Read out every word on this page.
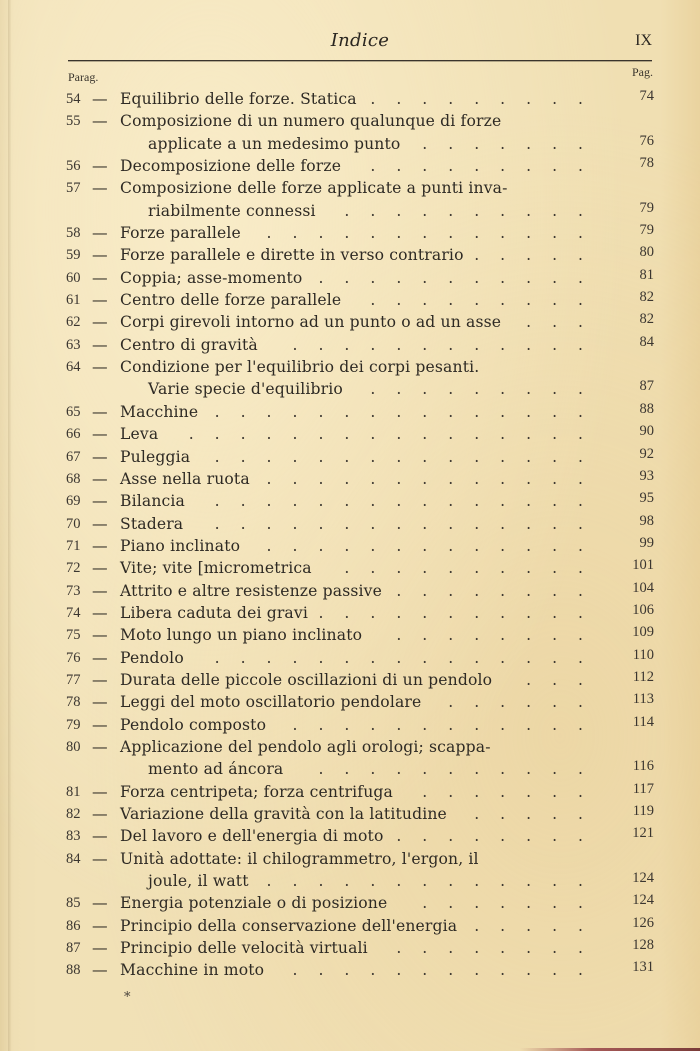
Indice	IX
Parag.	Pag.
54 — Equilibrio delle forze. Statica ......... 74
55 — Composizione di un numero qualunque di forze
applicate a un medesimo punto ....... 76
56 — Decomposizione delle forze ......... 78
57 — Composizione delle forze applicate a punti inva-
riabilmente connessi .......... 79
58 — Forze parallele ............. 79
59 — Forze parallele e dirette in verso contrario ..... 80
60 — Coppia; asse-momento ........... 81
61 — Centro delle forze parallele ......... 82
62 — Corpi girevoli intorno ad un punto o ad un asse ... 82
63 — Centro di gravità ............ 84
64 — Condizione per l'equilibrio dei corpi pesanti.
Varie specie d'equilibrio ......... 87
65 — Macchine ............... 88
66 — Leva ................ 90
67 — Puleggia ............... 92
68 — Asse nella ruota ............. 93
69 — Bilancia ............... 95
70 — Stadera ............... 98
71 — Piano inclinato ............. 99
72 — Vite; vite [micrometrica .......... 101
73 — Attrito e altre resistenze passive ........ 104
74 — Libera caduta dei gravi ........... 106
75 — Moto lungo un piano inclinato ........ 109
76 — Pendolo ............... 110
77 — Durata delle piccole oscillazioni di un pendolo ... 112
78 — Leggi del moto oscillatorio pendolare ...... 113
79 — Pendolo composto ............ 114
80 — Applicazione del pendolo agli orologi; scappa-
mento ad áncora ........... 116
81 — Forza centripeta; forza centrifuga ....... 117
82 — Variazione della gravità con la latitudine ..... 119
83 — Del lavoro e dell'energia di moto ........ 121
84 — Unità adottate: il chilogrammetro, l'ergon, il
joule, il watt ............. 124
85 — Energia potenziale o di posizione ....... 124
86 — Principio della conservazione dell'energia ..... 126
87 — Principio delle velocità virtuali ........ 128
88 — Macchine in moto ............ 131
*
